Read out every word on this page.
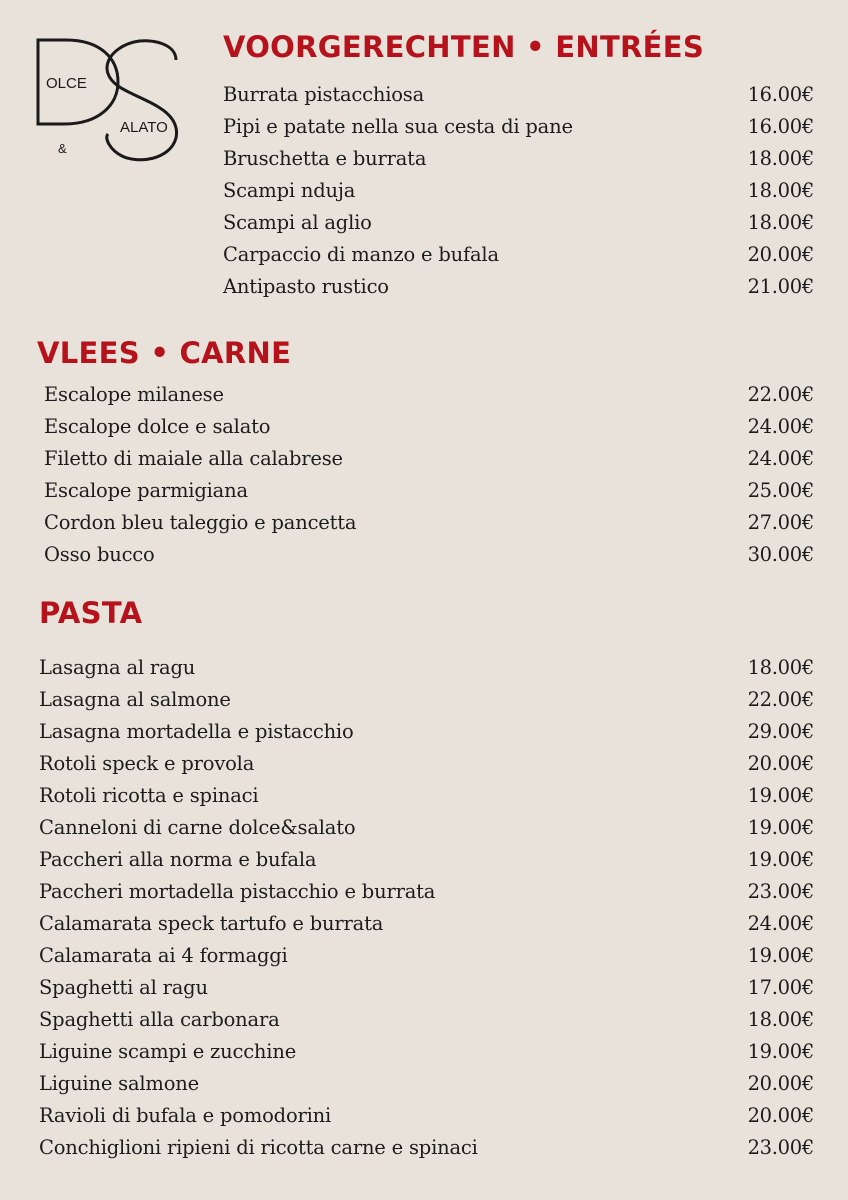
OLCE
ALATO
&
VOORGERECHTEN • ENTRÉES
Burrata pistacchiosa	16.00€
Pipi e patate nella sua cesta di pane	16.00€
Bruschetta e burrata	18.00€
Scampi nduja	18.00€
Scampi al aglio	18.00€
Carpaccio di manzo e bufala	20.00€
Antipasto rustico	21.00€
VLEES • CARNE
Escalope milanese	22.00€
Escalope dolce e salato	24.00€
Filetto di maiale alla calabrese	24.00€
Escalope parmigiana	25.00€
Cordon bleu taleggio e pancetta	27.00€
Osso bucco	30.00€
PASTA
Lasagna al ragu	18.00€
Lasagna al salmone	22.00€
Lasagna mortadella e pistacchio	29.00€
Rotoli speck e provola	20.00€
Rotoli ricotta e spinaci	19.00€
Canneloni di carne dolce&salato	19.00€
Paccheri alla norma e bufala	19.00€
Paccheri mortadella pistacchio e burrata	23.00€
Calamarata speck tartufo e burrata	24.00€
Calamarata ai 4 formaggi	19.00€
Spaghetti al ragu	17.00€
Spaghetti alla carbonara	18.00€
Liguine scampi e zucchine	19.00€
Liguine salmone	20.00€
Ravioli di bufala e pomodorini	20.00€
Conchiglioni ripieni di ricotta carne e spinaci	23.00€
